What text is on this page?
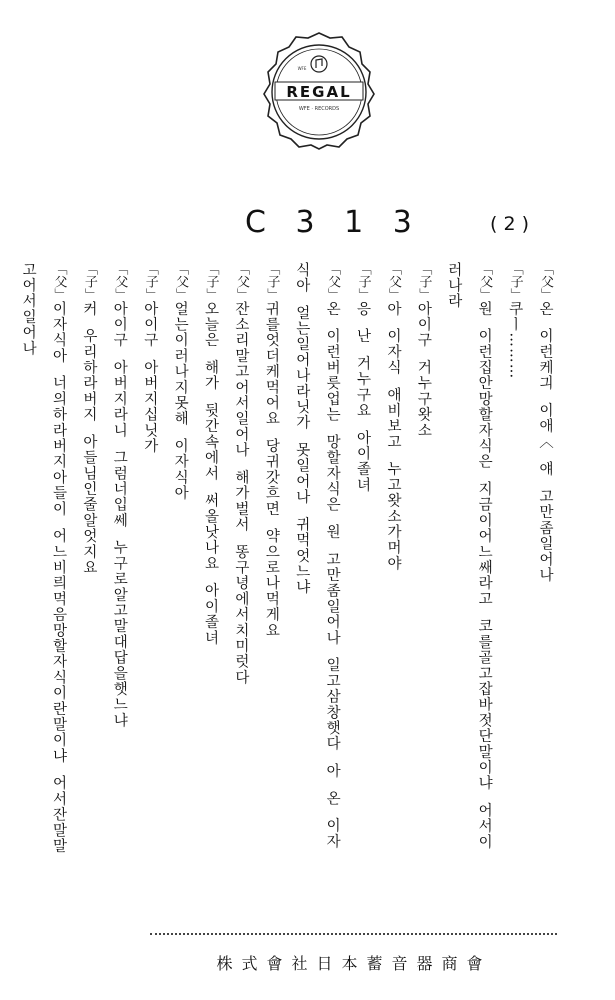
REGAL
WFE · RECORDS
WFE
C 3 1 3	( 2 )
「父」온  이런케긔  이애〈  얘  고만좀일어나
「子」쿠ㅣ………
「父」원  이런집안망할자식은  지금이어느쌔라고  코를골고잡바젓단말이냐  어서이
러나라
「子」아이구  거누구왓소
「父」아  이자식  애비보고  누고왓소가머야
「子」응  난  거누구요  아이졸녀
「父」온  이런버릇업는  망할자식은  원  고만좀일어나  일고삼창햇다  아  온  이자
식아  얼는일어나라닛가  못일어나  귀먹엇느냐
「子」귀를엇더케먹어요  당귀갓흐면  약으로나먹게요
「父」잔소리말고어서일어나  해가벌서  똥구녕에서치미럿다
「子」오늘은  해가  뒷간속에서  써올낫나요  아이졸녀
「父」얼는이러나지못해  이자식아
「子」아이구  아버지십닛가
「父」아이구  아버지라니  그럼너입쎄  누구로알고말대답을햇느냐
「子」커  우리하라버지  아들님인줄알엇지요
「父」이자식아  너의하라버지아들이  어느비릐먹음망할자식이란말이냐  어서잔말말
고어서일어나
株式會社日本蓄音器商會
